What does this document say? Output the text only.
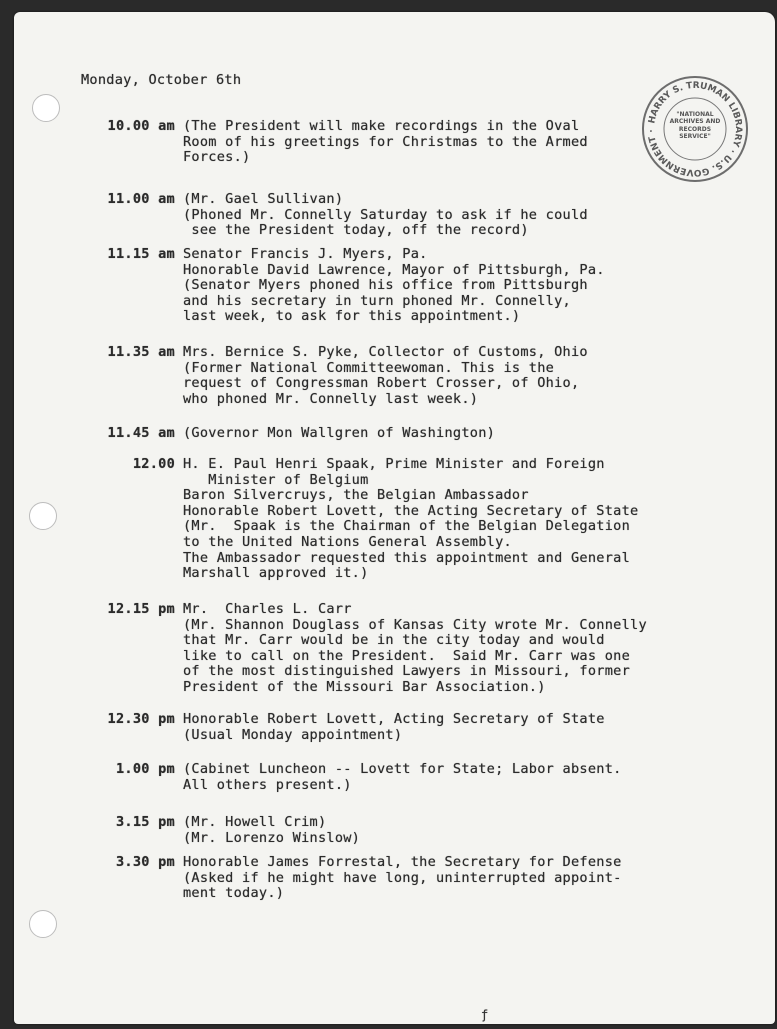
HARRY S. TRUMAN LIBRARY · U.S. GOVERNMENT ·
"NATIONAL
ARCHIVES AND
RECORDS
SERVICE"
Monday, October 6th
10.00 am (The President will make recordings in the Oval
Room of his greetings for Christmas to the Armed
Forces.)
11.00 am (Mr. Gael Sullivan)
(Phoned Mr. Connelly Saturday to ask if he could
see the President today, off the record)
11.15 am Senator Francis J. Myers, Pa.
Honorable David Lawrence, Mayor of Pittsburgh, Pa.
(Senator Myers phoned his office from Pittsburgh
and his secretary in turn phoned Mr. Connelly,
last week, to ask for this appointment.)
11.35 am Mrs. Bernice S. Pyke, Collector of Customs, Ohio
(Former National Committeewoman. This is the
request of Congressman Robert Crosser, of Ohio,
who phoned Mr. Connelly last week.)
11.45 am (Governor Mon Wallgren of Washington)
12.00 H. E. Paul Henri Spaak, Prime Minister and Foreign
Minister of Belgium
Baron Silvercruys, the Belgian Ambassador
Honorable Robert Lovett, the Acting Secretary of State
(Mr.  Spaak is the Chairman of the Belgian Delegation
to the United Nations General Assembly.
The Ambassador requested this appointment and General
Marshall approved it.)
12.15 pm Mr.  Charles L. Carr
(Mr. Shannon Douglass of Kansas City wrote Mr. Connelly
that Mr. Carr would be in the city today and would
like to call on the President.  Said Mr. Carr was one
of the most distinguished Lawyers in Missouri, former
President of the Missouri Bar Association.)
12.30 pm Honorable Robert Lovett, Acting Secretary of State
(Usual Monday appointment)
1.00 pm (Cabinet Luncheon -- Lovett for State; Labor absent.
All others present.)
3.15 pm (Mr. Howell Crim)
(Mr. Lorenzo Winslow)
3.30 pm Honorable James Forrestal, the Secretary for Defense
(Asked if he might have long, uninterrupted appoint-
ment today.)
ƒ
